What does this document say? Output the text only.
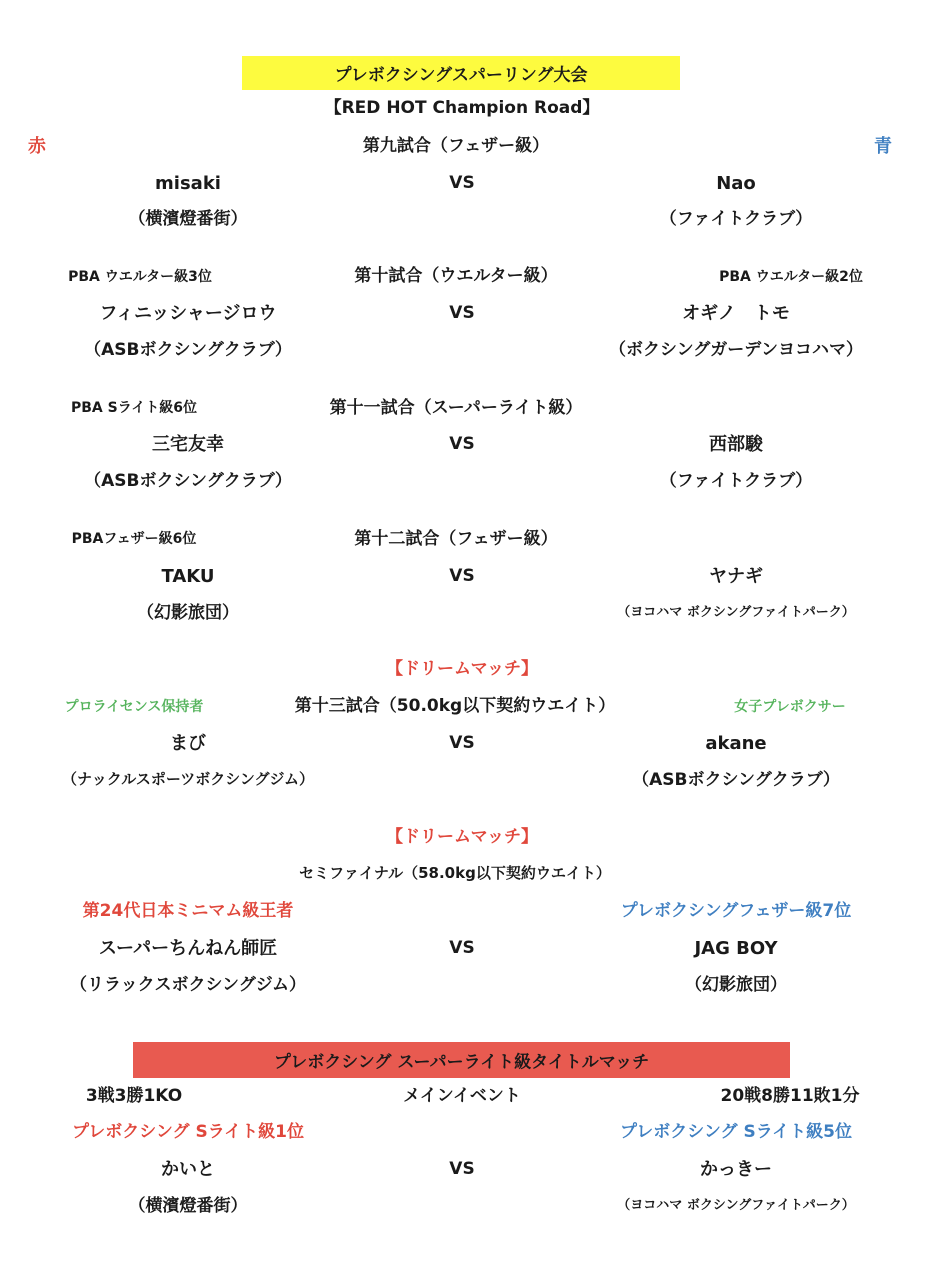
プレボクシングスパーリング大会
【RED HOT Champion Road】
赤	青
第九試合（フェザー級）
misaki	VS	Nao
（横濱燈番街）	（ファイトクラブ）
PBA ウエルター級3位	第十試合（ウエルター級）	PBA ウエルター級2位
フィニッシャージロウ	VS	オギノ　トモ
（ASBボクシングクラブ）	（ボクシングガーデンヨコハマ）
PBA Sライト級6位	第十一試合（スーパーライト級）
三宅友幸	VS	西部駿
（ASBボクシングクラブ）	（ファイトクラブ）
PBAフェザー級6位	第十二試合（フェザー級）
TAKU	VS	ヤナギ
（幻影旅団）	（ヨコハマ ボクシングファイトパーク）
【ドリームマッチ】
プロライセンス保持者	第十三試合（50.0kg以下契約ウエイト）	女子プレボクサー
まび	VS	akane
（ナックルスポーツボクシングジム）	（ASBボクシングクラブ）
【ドリームマッチ】
セミファイナル（58.0kg以下契約ウエイト）
第24代日本ミニマム級王者	プレボクシングフェザー級7位
スーパーちんねん師匠	VS	JAG BOY
（リラックスボクシングジム）	（幻影旅団）
プレボクシング スーパーライト級タイトルマッチ
3戦3勝1KO	メインイベント	20戦8勝11敗1分
プレボクシング Sライト級1位	プレボクシング Sライト級5位
かいと	VS	かっきー
（横濱燈番街）	（ヨコハマ ボクシングファイトパーク）
